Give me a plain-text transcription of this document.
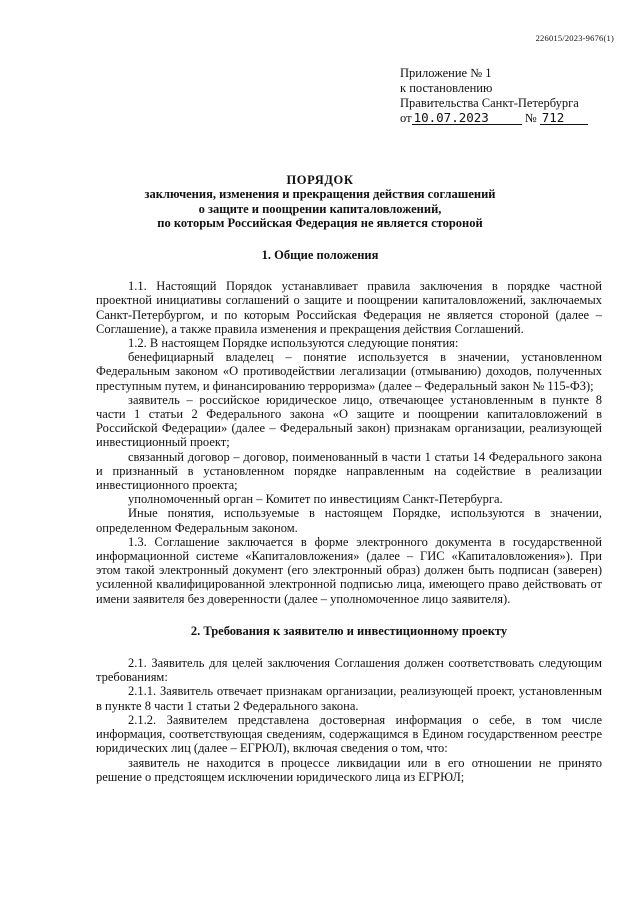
226015/2023-9676(1)
Приложение № 1
к постановлению
Правительства Санкт-Петербурга
от 10.07.2023	№ 712
ПОРЯДОК
заключения, изменения и прекращения действия соглашений
о защите и поощрении капиталовложений,
по которым Российская Федерация не является стороной

1. Общие положения

1.1. Настоящий Порядок устанавливает правила заключения в порядке частной проектной инициативы соглашений о защите и поощрении капиталовложений, заключаемых Санкт-Петербургом, и по которым Российская Федерация не является стороной (далее – Соглашение), а также правила изменения и прекращения действия Соглашений.

1.2. В настоящем Порядке используются следующие понятия:

бенефициарный владелец – понятие используется в значении, установленном Федеральным законом «О противодействии легализации (отмыванию) доходов, полученных преступным путем, и финансированию терроризма» (далее – Федеральный закон № 115-ФЗ);

заявитель – российское юридическое лицо, отвечающее установленным в пункте 8 части 1 статьи 2 Федерального закона «О защите и поощрении капиталовложений в Российской Федерации» (далее – Федеральный закон) признакам организации, реализующей инвестиционный проект;

связанный договор – договор, поименованный в части 1 статьи 14 Федерального закона и признанный в установленном порядке направленным на содействие в реализации инвестиционного проекта;

уполномоченный орган – Комитет по инвестициям Санкт-Петербурга.

Иные понятия, используемые в настоящем Порядке, используются в значении, определенном Федеральным законом.

1.3. Соглашение заключается в форме электронного документа в государственной информационной системе «Капиталовложения» (далее – ГИС «Капиталовложения»). При этом такой электронный документ (его электронный образ) должен быть подписан (заверен) усиленной квалифицированной электронной подписью лица, имеющего право действовать от имени заявителя без доверенности (далее – уполномоченное лицо заявителя).

2. Требования к заявителю и инвестиционному проекту

2.1. Заявитель для целей заключения Соглашения должен соответствовать следующим требованиям:

2.1.1. Заявитель отвечает признакам организации, реализующей проект, установленным в пункте 8 части 1 статьи 2 Федерального закона.

2.1.2. Заявителем представлена достоверная информация о себе, в том числе информация, соответствующая сведениям, содержащимся в Едином государственном реестре юридических лиц (далее – ЕГРЮЛ), включая сведения о том, что:

заявитель не находится в процессе ликвидации или в его отношении не принято решение о предстоящем исключении юридического лица из ЕГРЮЛ;
